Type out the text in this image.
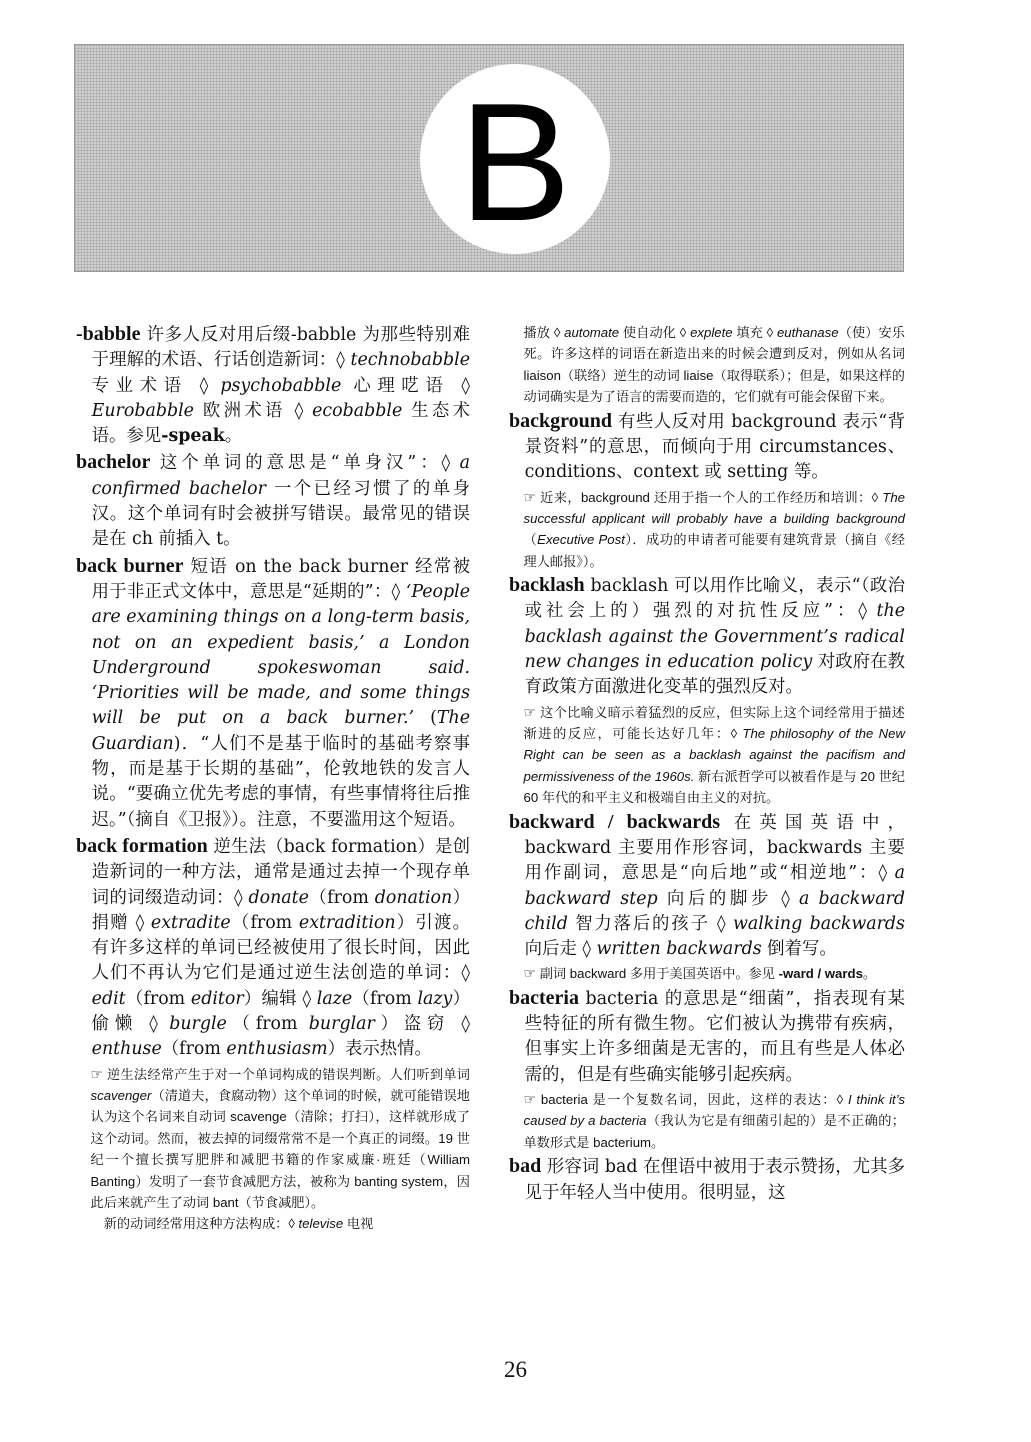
B

-babble 许多人反对用后缀-babble 为那些特别难于理解的术语、行话创造新词：◊ technobabble 专业术语 ◊ psychobabble 心理呓语 ◊ Eurobabble 欧洲术语 ◊ ecobabble 生态术语。参见-speak。

bachelor 这个单词的意思是“单身汉”：◊ a confirmed bachelor 一个已经习惯了的单身汉。这个单词有时会被拼写错误。最常见的错误是在 ch 前插入 t。

back burner 短语 on the back burner 经常被用于非正式文体中，意思是“延期的”：◊ ‘People are examining things on a long-term basis, not on an expedient basis,’ a London Underground spokeswoman said. ‘Priorities will be made, and some things will be put on a back burner.’ (The Guardian)．“人们不是基于临时的基础考察事物，而是基于长期的基础”，伦敦地铁的发言人说。“要确立优先考虑的事情，有些事情将往后推迟。”（摘自《卫报》）。注意，不要滥用这个短语。

back formation 逆生法（back formation）是创造新词的一种方法，通常是通过去掉一个现存单词的词缀造动词：◊ donate（from donation）捐赠 ◊ extradite（from extradition）引渡。有许多这样的单词已经被使用了很长时间，因此人们不再认为它们是通过逆生法创造的单词：◊ edit（from editor）编辑 ◊ laze（from lazy）偷懒 ◊ burgle（from burglar）盗窃 ◊ enthuse（from enthusiasm）表示热情。

☞ 逆生法经常产生于对一个单词构成的错误判断。人们听到单词 scavenger（清道夫，食腐动物）这个单词的时候，就可能错误地认为这个名词来自动词 scavenge（清除；打扫），这样就形成了这个动词。然而，被去掉的词缀常常不是一个真正的词缀。19 世纪一个擅长撰写肥胖和减肥书籍的作家威廉·班廷（William Banting）发明了一套节食减肥方法，被称为 banting system，因此后来就产生了动词 bant（节食减肥）。
新的动词经常用这种方法构成：◊ televise 电视

播放 ◊ automate 使自动化 ◊ explete 填充 ◊ euthanase（使）安乐死。许多这样的词语在新造出来的时候会遭到反对，例如从名词 liaison（联络）逆生的动词 liaise（取得联系）；但是，如果这样的动词确实是为了语言的需要而造的，它们就有可能会保留下来。

background 有些人反对用 background 表示“背景资料”的意思，而倾向于用 circumstances、conditions、context 或 setting 等。

☞ 近来，background 还用于指一个人的工作经历和培训：◊ The successful applicant will probably have a building background（Executive Post）．成功的申请者可能要有建筑背景（摘自《经理人邮报》）。

backlash backlash 可以用作比喻义，表示“（政治或社会上的）强烈的对抗性反应”：◊ the backlash against the Government’s radical new changes in education policy 对政府在教育政策方面激进化变革的强烈反对。

☞ 这个比喻义暗示着猛烈的反应，但实际上这个词经常用于描述渐进的反应，可能长达好几年：◊ The philosophy of the New Right can be seen as a backlash against the pacifism and permissiveness of the 1960s. 新右派哲学可以被看作是与 20 世纪 60 年代的和平主义和极端自由主义的对抗。

backward / backwards 在英国英语中，backward 主要用作形容词，backwards 主要用作副词，意思是“向后地”或“相逆地”：◊ a backward step 向后的脚步 ◊ a backward child 智力落后的孩子 ◊ walking backwards 向后走 ◊ written backwards 倒着写。

☞ 副词 backward 多用于美国英语中。参见 -ward / wards。

bacteria bacteria 的意思是“细菌”，指表现有某些特征的所有微生物。它们被认为携带有疾病，但事实上许多细菌是无害的，而且有些是人体必需的，但是有些确实能够引起疾病。

☞ bacteria 是一个复数名词，因此，这样的表达：◊ I think it’s caused by a bacteria（我认为它是有细菌引起的）是不正确的；单数形式是 bacterium。

bad 形容词 bad 在俚语中被用于表示赞扬，尤其多见于年轻人当中使用。很明显，这

26
